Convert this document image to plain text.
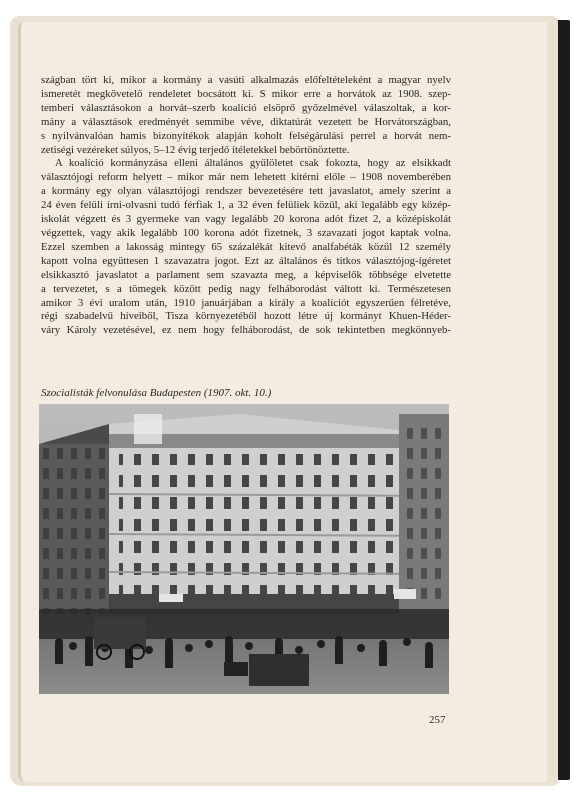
szágban tört ki, mikor a kormány a vasúti alkalmazás előfeltételeként a magyar nyelv

ismeretét megkövetelő rendeletet bocsátott ki. S mikor erre a horvátok az 1908. szep-

temberi választásokon a horvát–szerb koalíció elsöprő győzelmével válaszoltak, a kor-

mány a választások eredményét semmibe véve, diktatúrát vezetett be Horvátországban,

s nyilvánvalóan hamis bizonyítékok alapján koholt felségárulási perrel a horvát nem-

zetiségi vezéreket súlyos, 5–12 évig terjedő ítéletekkel bebörtönöztette.

A koalíció kormányzása elleni általános gyűlöletet csak fokozta, hogy az elsikkadt

választójogi reform helyett – mikor már nem lehetett kitérni előle – 1908 novemberében

a kormány egy olyan választójogi rendszer bevezetésére tett javaslatot, amely szerint a

24 éven felüli írni-olvasni tudó férfiak 1, a 32 éven felüliek közül, aki legalább egy közép-

iskolát végzett és 3 gyermeke van vagy legalább 20 korona adót fizet 2, a középiskolát

végzettek, vagy akik legalább 100 korona adót fizetnek, 3 szavazati jogot kaptak volna.

Ezzel szemben a lakosság mintegy 65 százalékát kitevő analfabéták közül 12 személy

kapott volna együttesen 1 szavazatra jogot. Ezt az általános és titkos választójog-ígéretet

elsikkasztó javaslatot a parlament sem szavazta meg, a képviselők többsége elvetette

a tervezetet, s a tömegek között pedig nagy felháborodást váltott ki. Természetesen

amikor 3 évi uralom után, 1910 januárjában a király a koalíciót egyszerűen félretéve,

régi szabadelvű híveiből, Tisza környezetéből hozott létre új kormányt Khuen-Héder-

váry Károly vezetésével, ez nem hogy felháborodást, de sok tekintetben megkönnyeb-

Szocialisták felvonulása Budapesten (1907. okt. 10.)
257
